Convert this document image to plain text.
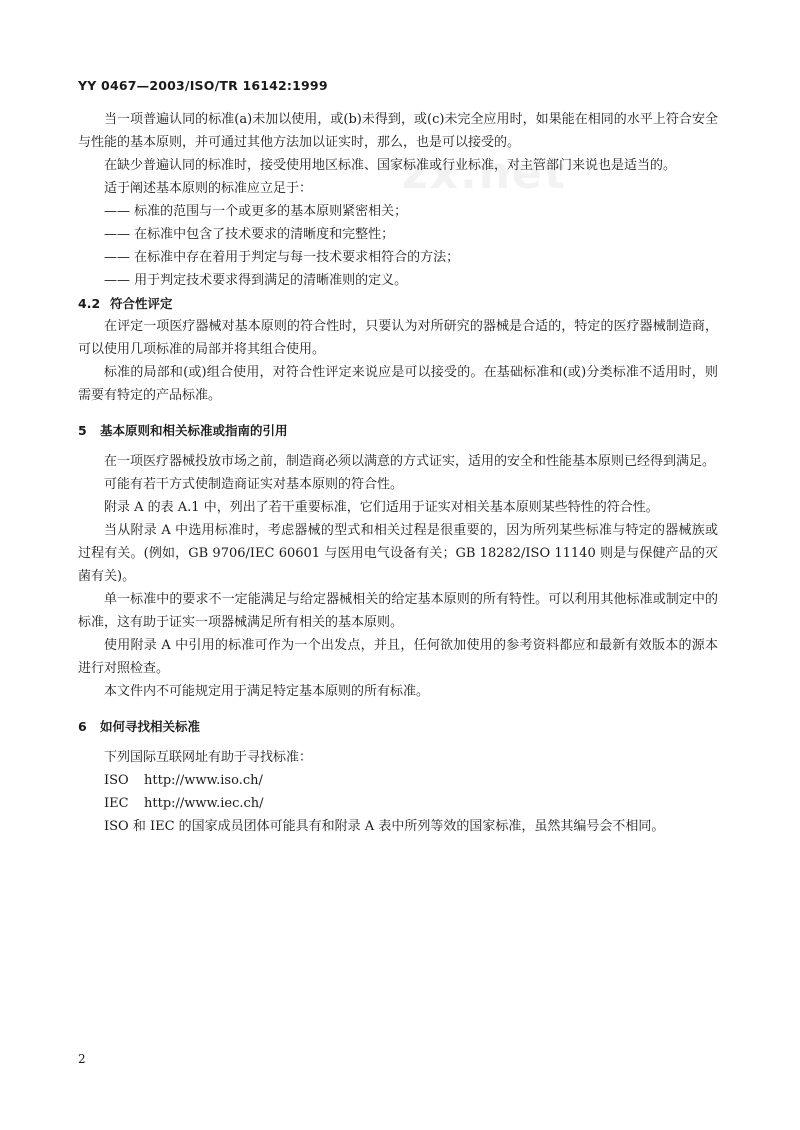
YY 0467—2003/ISO/TR 16142:1999
zx.net

当一项普遍认同的标准(a)未加以使用，或(b)未得到，或(c)未完全应用时，如果能在相同的水平上符合安全与性能的基本原则，并可通过其他方法加以证实时，那么，也是可以接受的。

在缺少普遍认同的标准时，接受使用地区标准、国家标准或行业标准，对主管部门来说也是适当的。

适于阐述基本原则的标准应立足于：

—— 标准的范围与一个或更多的基本原则紧密相关；

—— 在标准中包含了技术要求的清晰度和完整性；

—— 在标准中存在着用于判定与每一技术要求相符合的方法；

—— 用于判定技术要求得到满足的清晰准则的定义。

4.2 符合性评定

在评定一项医疗器械对基本原则的符合性时，只要认为对所研究的器械是合适的，特定的医疗器械制造商，可以使用几项标准的局部并将其组合使用。

标准的局部和(或)组合使用，对符合性评定来说应是可以接受的。在基础标准和(或)分类标准不适用时，则需要有特定的产品标准。

5 基本原则和相关标准或指南的引用

在一项医疗器械投放市场之前，制造商必须以满意的方式证实，适用的安全和性能基本原则已经得到满足。

可能有若干方式使制造商证实对基本原则的符合性。

附录 A 的表 A.1 中，列出了若干重要标准，它们适用于证实对相关基本原则某些特性的符合性。

当从附录 A 中选用标准时，考虑器械的型式和相关过程是很重要的，因为所列某些标准与特定的器械族或过程有关。(例如，GB 9706/IEC 60601 与医用电气设备有关；GB 18282/ISO 11140 则是与保健产品的灭菌有关)。

单一标准中的要求不一定能满足与给定器械相关的给定基本原则的所有特性。可以利用其他标准或制定中的标准，这有助于证实一项器械满足所有相关的基本原则。

使用附录 A 中引用的标准可作为一个出发点，并且，任何欲加使用的参考资料都应和最新有效版本的源本进行对照检查。

本文件内不可能规定用于满足特定基本原则的所有标准。

6 如何寻找相关标准

下列国际互联网址有助于寻找标准：

ISO http://www.iso.ch/

IEC http://www.iec.ch/

ISO 和 IEC 的国家成员团体可能具有和附录 A 表中所列等效的国家标准，虽然其编号会不相同。

2
